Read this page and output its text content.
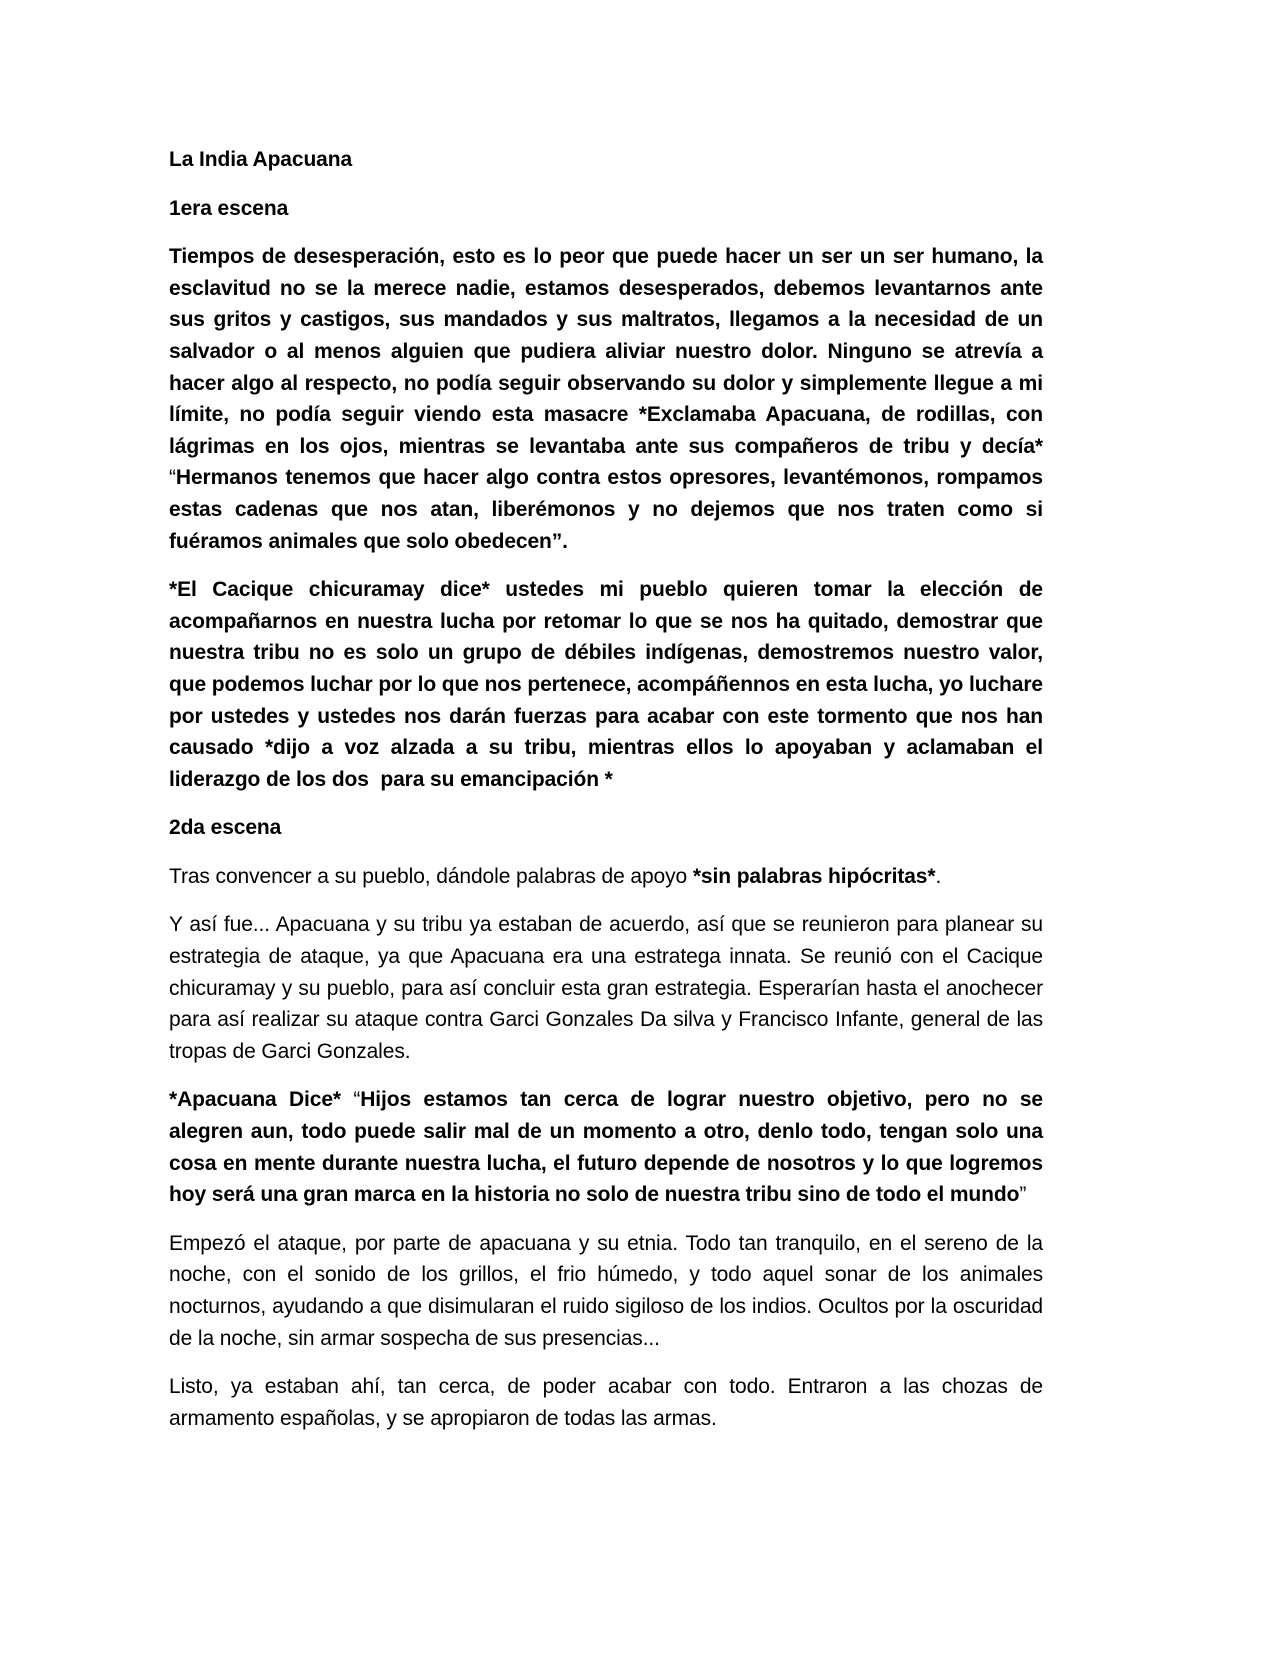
La India Apacuana

1era escena

Tiempos de desesperación, esto es lo peor que puede hacer un ser un ser humano, la esclavitud no se la merece nadie, estamos desesperados, debemos levantarnos ante sus gritos y castigos, sus mandados y sus maltratos, llegamos a la necesidad de un salvador o al menos alguien que pudiera aliviar nuestro dolor. Ninguno se atrevía a hacer algo al respecto, no podía seguir observando su dolor y simplemente llegue a mi límite, no podía seguir viendo esta masacre *Exclamaba Apacuana, de rodillas, con lágrimas en los ojos, mientras se levantaba ante sus compañeros de tribu y decía* “Hermanos tenemos que hacer algo contra estos opresores, levantémonos, rompamos estas cadenas que nos atan, liberémonos y no dejemos que nos traten como si fuéramos animales que solo obedecen”.

*El Cacique chicuramay dice* ustedes mi pueblo quieren tomar la elección de acompañarnos en nuestra lucha por retomar lo que se nos ha quitado, demostrar que nuestra tribu no es solo un grupo de débiles indígenas, demostremos nuestro valor, que podemos luchar por lo que nos pertenece, acompáñennos en esta lucha, yo luchare por ustedes y ustedes nos darán fuerzas para acabar con este tormento que nos han causado *dijo a voz alzada a su tribu, mientras ellos lo apoyaban y aclamaban el liderazgo de los dos  para su emancipación *

2da escena

Tras convencer a su pueblo, dándole palabras de apoyo *sin palabras hipócritas*.

Y así fue... Apacuana y su tribu ya estaban de acuerdo, así que se reunieron para planear su estrategia de ataque, ya que Apacuana era una estratega innata. Se reunió con el Cacique chicuramay y su pueblo, para así concluir esta gran estrategia. Esperarían hasta el anochecer para así realizar su ataque contra Garci Gonzales Da silva y Francisco Infante, general de las tropas de Garci Gonzales.

*Apacuana Dice* “Hijos estamos tan cerca de lograr nuestro objetivo, pero no se alegren aun, todo puede salir mal de un momento a otro, denlo todo, tengan solo una cosa en mente durante nuestra lucha, el futuro depende de nosotros y lo que logremos hoy será una gran marca en la historia no solo de nuestra tribu sino de todo el mundo”

Empezó el ataque, por parte de apacuana y su etnia. Todo tan tranquilo, en el sereno de la noche, con el sonido de los grillos, el frio húmedo, y todo aquel sonar de los animales nocturnos, ayudando a que disimularan el ruido sigiloso de los indios. Ocultos por la oscuridad de la noche, sin armar sospecha de sus presencias...

Listo, ya estaban ahí, tan cerca, de poder acabar con todo. Entraron a las chozas de armamento españolas, y se apropiaron de todas las armas.
